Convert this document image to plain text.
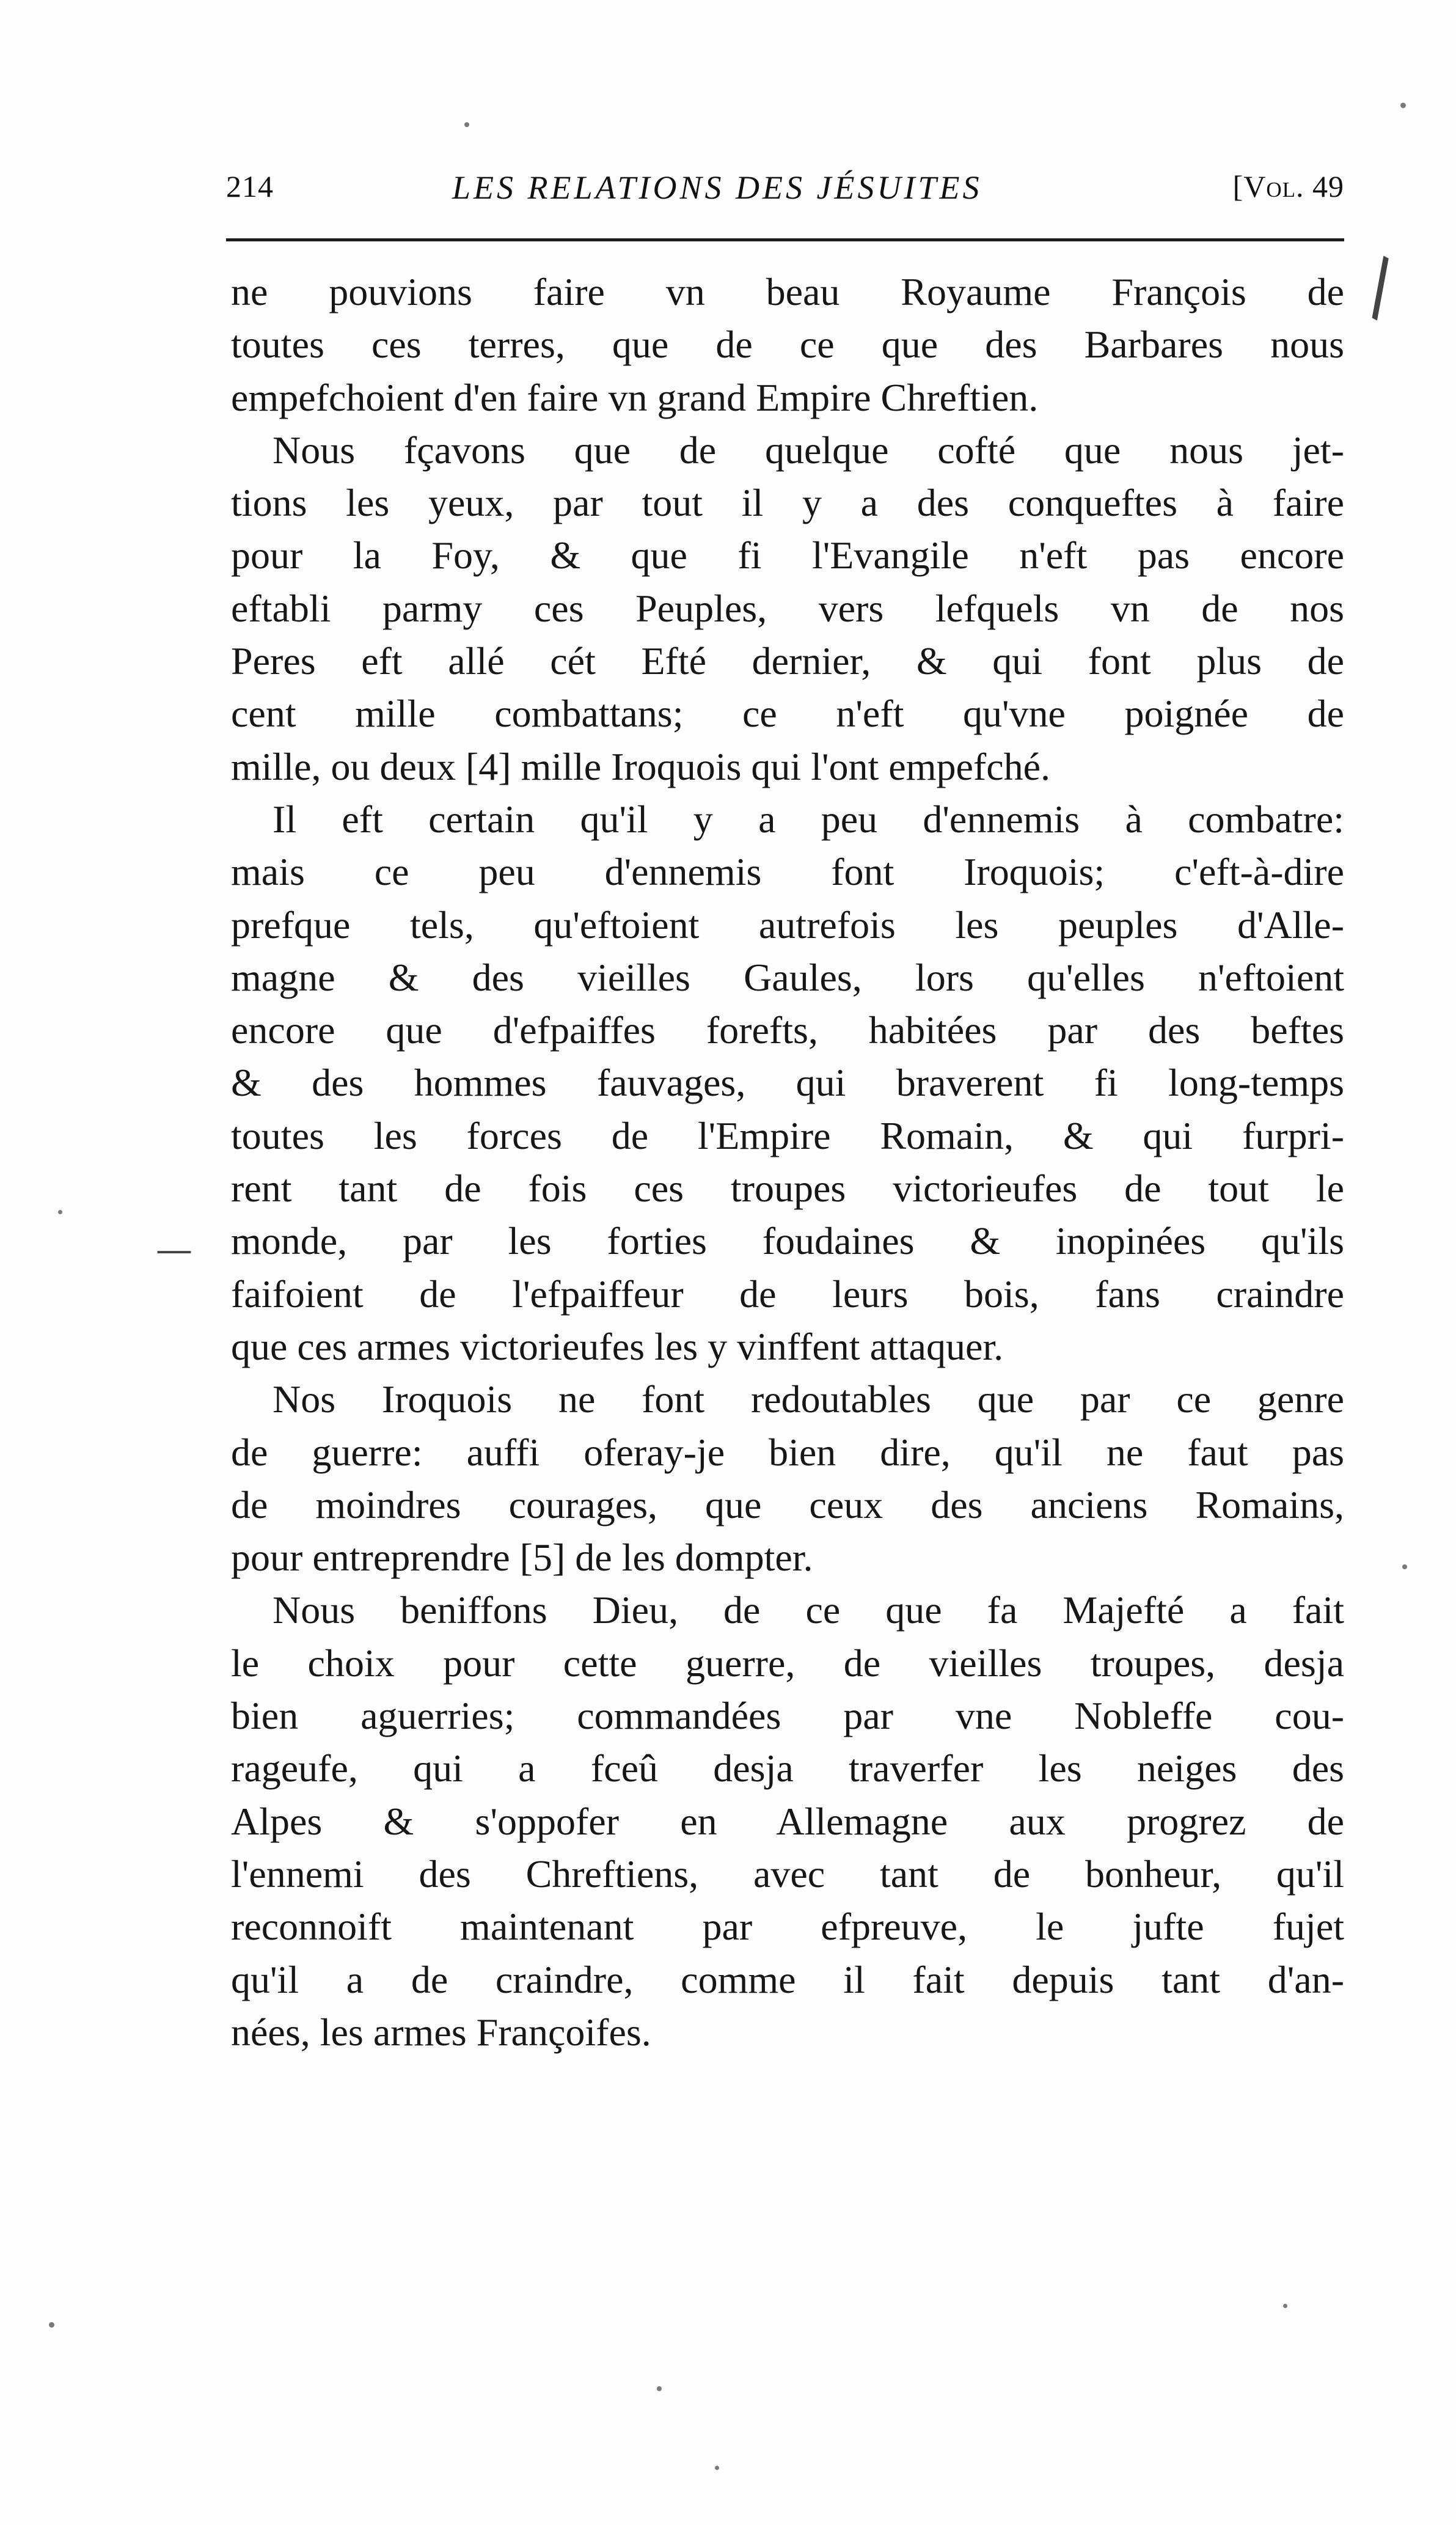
214	LES RELATIONS DES JÉSUITES	[Vol. 49
ne pouvions faire vn beau Royaume François de
toutes ces terres, que de ce que des Barbares nous
empefchoient d'en faire vn grand Empire Chreftien.
Nous fçavons que de quelque cofté que nous jet-
tions les yeux, par tout il y a des conqueftes à faire
pour la Foy, & que fi l'Evangile n'eft pas encore
eftabli parmy ces Peuples, vers lefquels vn de nos
Peres eft allé cét Efté dernier, & qui font plus de
cent mille combattans; ce n'eft qu'vne poignée de
mille, ou deux [4] mille Iroquois qui l'ont empefché.
Il eft certain qu'il y a peu d'ennemis à combatre:
mais ce peu d'ennemis font Iroquois; c'eft-à-dire
prefque tels, qu'eftoient autrefois les peuples d'Alle-
magne & des vieilles Gaules, lors qu'elles n'eftoient
encore que d'efpaiffes forefts, habitées par des beftes
& des hommes fauvages, qui braverent fi long-temps
toutes les forces de l'Empire Romain, & qui furpri-
rent tant de fois ces troupes victorieufes de tout le
monde, par les forties foudaines & inopinées qu'ils
faifoient de l'efpaiffeur de leurs bois, fans craindre
que ces armes victorieufes les y vinffent attaquer.
Nos Iroquois ne font redoutables que par ce genre
de guerre: auffi oferay-je bien dire, qu'il ne faut pas
de moindres courages, que ceux des anciens Romains,
pour entreprendre [5] de les dompter.
Nous beniffons Dieu, de ce que fa Majefté a fait
le choix pour cette guerre, de vieilles troupes, desja
bien aguerries; commandées par vne Nobleffe cou-
rageufe, qui a fceû desja traverfer les neiges des
Alpes & s'oppofer en Allemagne aux progrez de
l'ennemi des Chreftiens, avec tant de bonheur, qu'il
reconnoift maintenant par efpreuve, le jufte fujet
qu'il a de craindre, comme il fait depuis tant d'an-
nées, les armes Françoifes.
\
—
